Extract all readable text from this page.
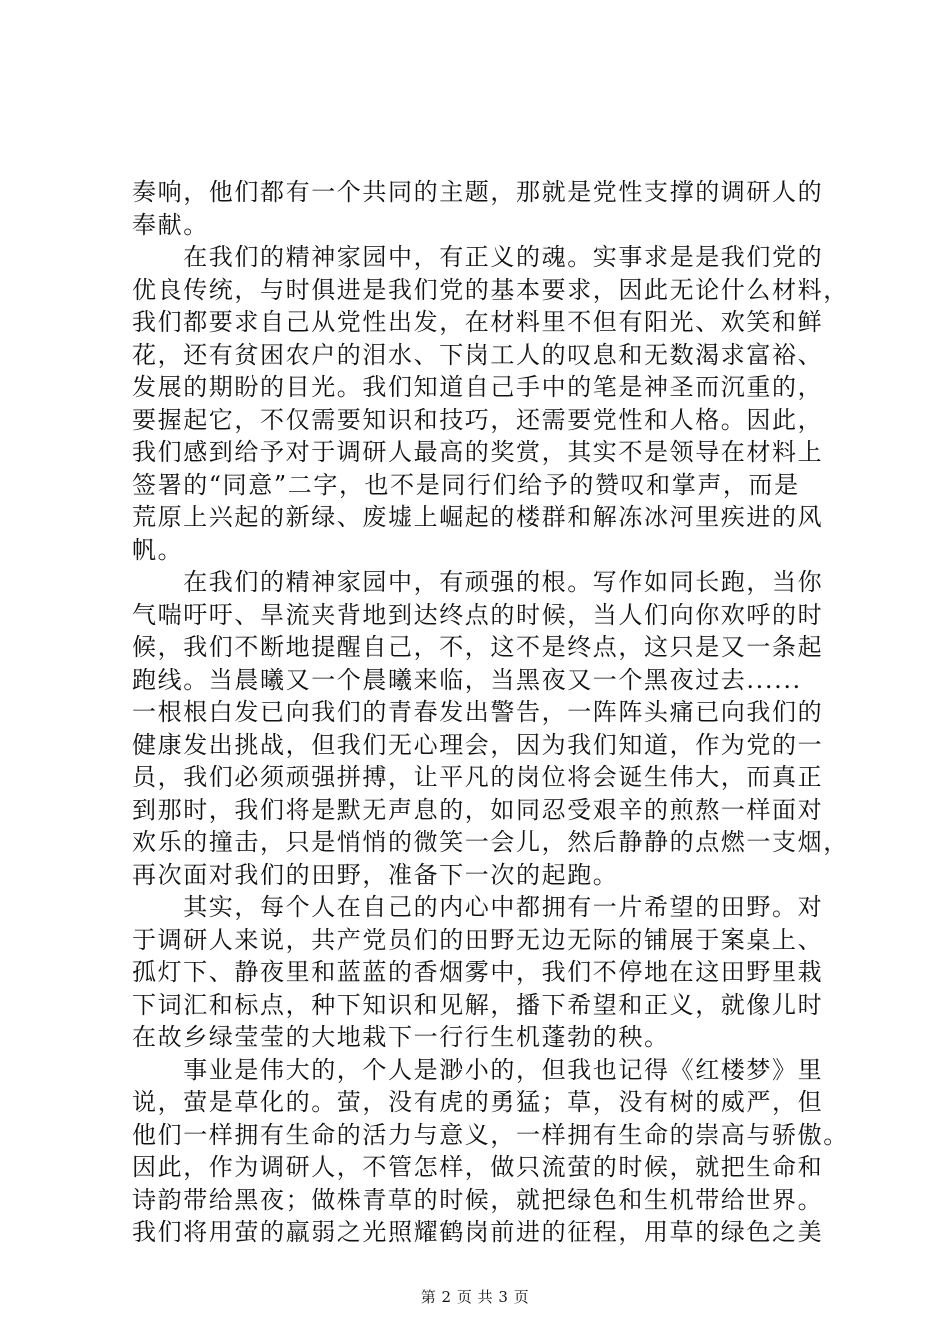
奏响，他们都有一个共同的主题，那就是党性支撑的调研人的
奉献。
　　在我们的精神家园中，有正义的魂。实事求是是我们党的
优良传统，与时俱进是我们党的基本要求，因此无论什么材料，
我们都要求自己从党性出发，在材料里不但有阳光、欢笑和鲜
花，还有贫困农户的泪水、下岗工人的叹息和无数渴求富裕、
发展的期盼的目光。我们知道自己手中的笔是神圣而沉重的，
要握起它，不仅需要知识和技巧，还需要党性和人格。因此，
我们感到给予对于调研人最高的奖赏，其实不是领导在材料上
签署的“同意”二字，也不是同行们给予的赞叹和掌声，而是
荒原上兴起的新绿、废墟上崛起的楼群和解冻冰河里疾进的风
帆。
　　在我们的精神家园中，有顽强的根。写作如同长跑，当你
气喘吁吁、旱流夹背地到达终点的时候，当人们向你欢呼的时
候，我们不断地提醒自己，不，这不是终点，这只是又一条起
跑线。当晨曦又一个晨曦来临，当黑夜又一个黑夜过去......
一根根白发已向我们的青春发出警告，一阵阵头痛已向我们的
健康发出挑战，但我们无心理会，因为我们知道，作为党的一
员，我们必须顽强拼搏，让平凡的岗位将会诞生伟大，而真正
到那时，我们将是默无声息的，如同忍受艰辛的煎熬一样面对
欢乐的撞击，只是悄悄的微笑一会儿，然后静静的点燃一支烟，
再次面对我们的田野，准备下一次的起跑。
　　其实，每个人在自己的内心中都拥有一片希望的田野。对
于调研人来说，共产党员们的田野无边无际的铺展于案桌上、
孤灯下、静夜里和蓝蓝的香烟雾中，我们不停地在这田野里栽
下词汇和标点，种下知识和见解，播下希望和正义，就像儿时
在故乡绿莹莹的大地栽下一行行生机蓬勃的秧。
　　事业是伟大的，个人是渺小的，但我也记得《红楼梦》里
说，萤是草化的。萤，没有虎的勇猛；草，没有树的威严，但
他们一样拥有生命的活力与意义，一样拥有生命的崇高与骄傲。
因此，作为调研人，不管怎样，做只流萤的时候，就把生命和
诗韵带给黑夜；做株青草的时候，就把绿色和生机带给世界。
我们将用萤的羸弱之光照耀鹤岗前进的征程，用草的绿色之美
第 2 页 共 3 页
